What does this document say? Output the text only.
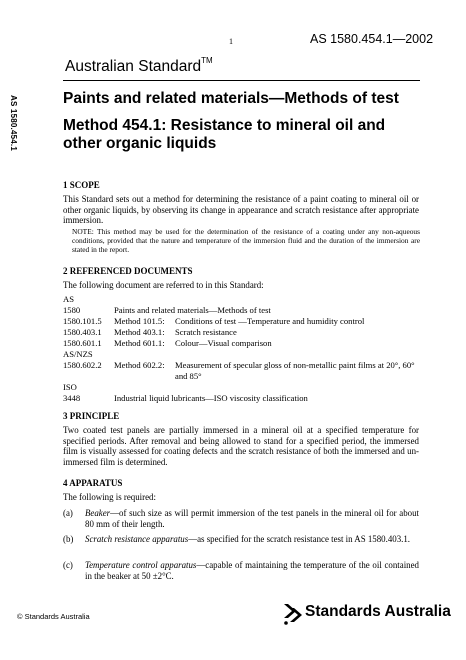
1	AS 1580.454.1—2002
Australian Standard™
AS 1580.454.1	Paints and related materials—Methods of test
Method 454.1: Resistance to mineral oil and other organic liquids
1 SCOPE
This Standard sets out a method for determining the resistance of a paint coating to mineral oil or other organic liquids, by observing its change in appearance and scratch resistance after appropriate immersion.
NOTE: This method may be used for the determination of the resistance of a coating under any non-aqueous conditions, provided that the nature and temperature of the immersion fluid and the duration of the immersion are stated in the report.
2 REFERENCED DOCUMENTS
The following document are referred to in this Standard:
AS
1580	Paints and related materials—Methods of test
1580.101.5 Method 101.5: Conditions of test —Temperature and humidity control
1580.403.1 Method 403.1: Scratch resistance
1580.601.1 Method 601.1: Colour—Visual comparison
AS/NZS
1580.602.2 Method 602.2: Measurement of specular gloss of non-metallic paint films at 20°, 60° and 85°
ISO
3448	Industrial liquid lubricants—ISO viscosity classification
3 PRINCIPLE
Two coated test panels are partially immersed in a mineral oil at a specified temperature for specified periods. After removal and being allowed to stand for a specified period, the immersed film is visually assessed for coating defects and the scratch resistance of both the immersed and un-immersed film is determined.
4 APPARATUS
The following is required:
(a) Beaker—of such size as will permit immersion of the test panels in the mineral oil for about 80 mm of their length.
(b) Scratch resistance apparatus—as specified for the scratch resistance test in AS 1580.403.1.
(c) Temperature control apparatus—capable of maintaining the temperature of the oil contained in the beaker at 50 ±2°C.
© Standards Australia	Standards Australia
